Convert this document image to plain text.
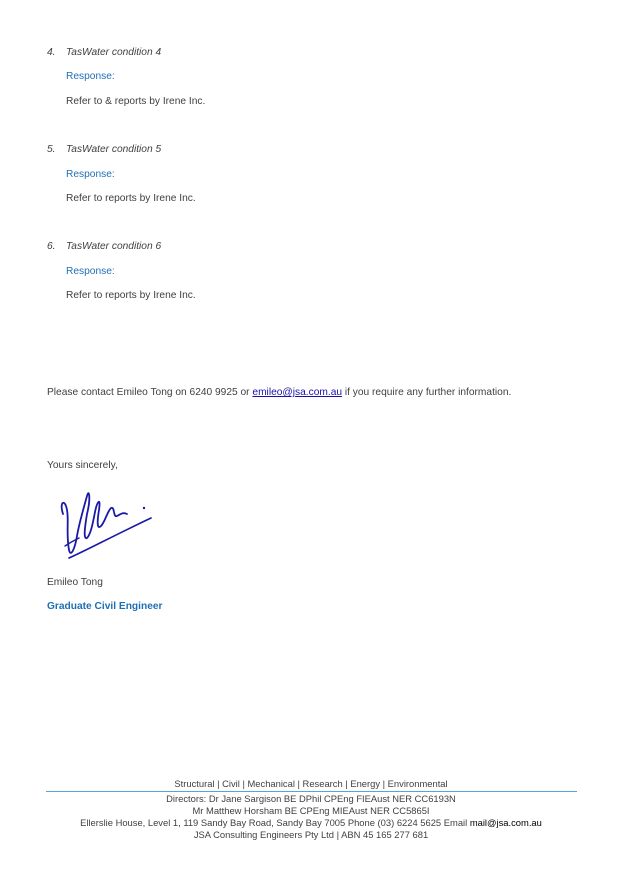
4. TasWater condition 4
Response:
Refer to & reports by Irene Inc.
5. TasWater condition 5
Response:
Refer to reports by Irene Inc.
6. TasWater condition 6
Response:
Refer to reports by Irene Inc.
Please contact Emileo Tong on 6240 9925 or emileo@jsa.com.au if you require any further information.
Yours sincerely,
Emileo Tong
Graduate Civil Engineer
Structural | Civil | Mechanical | Research | Energy | Environmental
Directors: Dr Jane Sargison BE DPhil CPEng FIEAust NER CC6193N
Mr Matthew Horsham BE CPEng MIEAust NER CC5865I
Ellerslie House, Level 1, 119 Sandy Bay Road, Sandy Bay 7005 Phone (03) 6224 5625 Email mail@jsa.com.au
JSA Consulting Engineers Pty Ltd | ABN 45 165 277 681
